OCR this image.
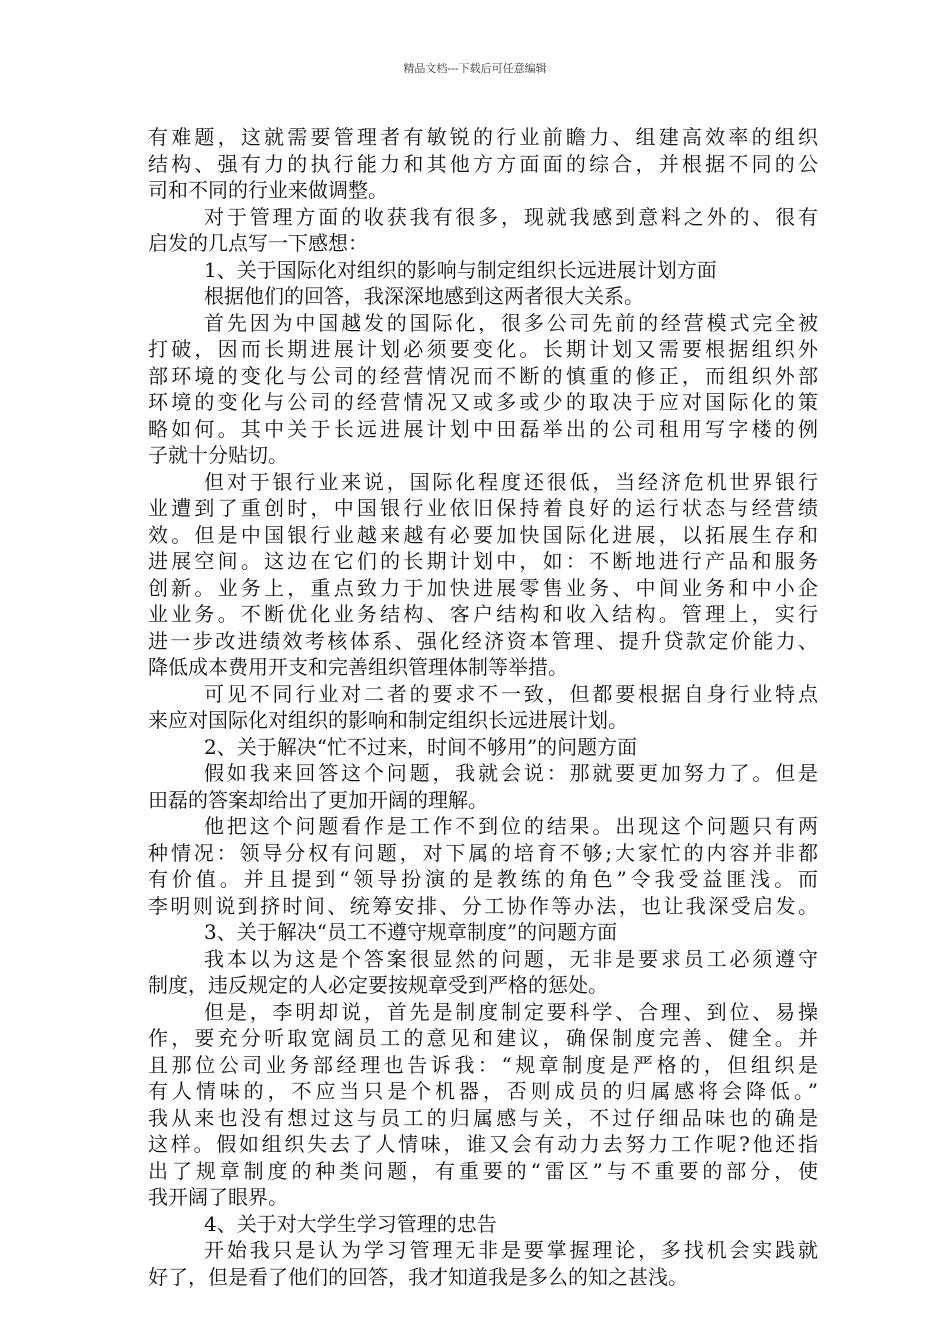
精品文档---下载后可任意编辑
有难题，这就需要管理者有敏锐的行业前瞻力、组建高效率的组织
结构、强有力的执行能力和其他方方面面的综合，并根据不同的公
司和不同的行业来做调整。
对于管理方面的收获我有很多，现就我感到意料之外的、很有
启发的几点写一下感想：
1、关于国际化对组织的影响与制定组织长远进展计划方面
根据他们的回答，我深深地感到这两者很大关系。
首先因为中国越发的国际化，很多公司先前的经营模式完全被
打破，因而长期进展计划必须要变化。长期计划又需要根据组织外
部环境的变化与公司的经营情况而不断的慎重的修正，而组织外部
环境的变化与公司的经营情况又或多或少的取决于应对国际化的策
略如何。其中关于长远进展计划中田磊举出的公司租用写字楼的例
子就十分贴切。
但对于银行业来说，国际化程度还很低，当经济危机世界银行
业遭到了重创时，中国银行业依旧保持着良好的运行状态与经营绩
效。但是中国银行业越来越有必要加快国际化进展，以拓展生存和
进展空间。这边在它们的长期计划中，如：不断地进行产品和服务
创新。业务上，重点致力于加快进展零售业务、中间业务和中小企
业业务。不断优化业务结构、客户结构和收入结构。管理上，实行
进一步改进绩效考核体系、强化经济资本管理、提升贷款定价能力、
降低成本费用开支和完善组织管理体制等举措。
可见不同行业对二者的要求不一致，但都要根据自身行业特点
来应对国际化对组织的影响和制定组织长远进展计划。
2、关于解决“忙不过来，时间不够用”的问题方面
假如我来回答这个问题，我就会说：那就要更加努力了。但是
田磊的答案却给出了更加开阔的理解。
他把这个问题看作是工作不到位的结果。出现这个问题只有两
种情况：领导分权有问题，对下属的培育不够;大家忙的内容并非都
有价值。并且提到“领导扮演的是教练的角色”令我受益匪浅。而
李明则说到挤时间、统筹安排、分工协作等办法，也让我深受启发。
3、关于解决“员工不遵守规章制度”的问题方面
我本以为这是个答案很显然的问题，无非是要求员工必须遵守
制度，违反规定的人必定要按规章受到严格的惩处。
但是，李明却说，首先是制度制定要科学、合理、到位、易操
作，要充分听取宽阔员工的意见和建议，确保制度完善、健全。并
且那位公司业务部经理也告诉我：“规章制度是严格的，但组织是
有人情味的，不应当只是个机器，否则成员的归属感将会降低。”
我从来也没有想过这与员工的归属感与关，不过仔细品味也的确是
这样。假如组织失去了人情味，谁又会有动力去努力工作呢?他还指
出了规章制度的种类问题，有重要的“雷区”与不重要的部分，使
我开阔了眼界。
4、关于对大学生学习管理的忠告
开始我只是认为学习管理无非是要掌握理论，多找机会实践就
好了，但是看了他们的回答，我才知道我是多么的知之甚浅。
